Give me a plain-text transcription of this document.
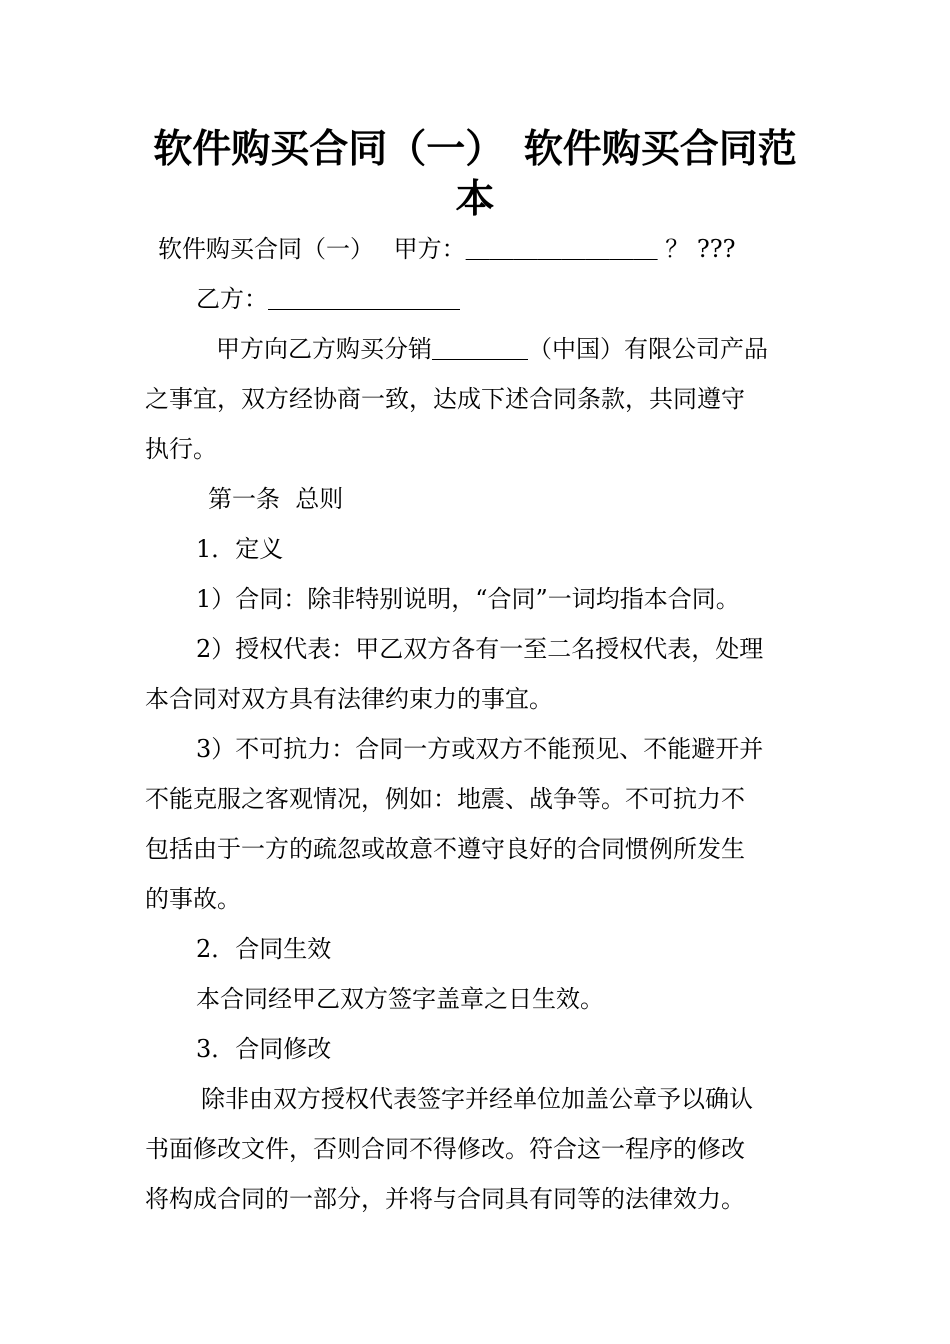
软件购买合同（一）　软件购买合同范
本

软件购买合同（一）　 甲方：＿＿＿＿＿＿＿＿ ？ ???

乙方：＿＿＿＿＿＿＿＿

甲方向乙方购买分销＿＿＿＿（中国）有限公司产品

之事宜，双方经协商一致，达成下述合同条款，共同遵守

执行。

第一条  总则

1．定义

1）合同：除非特别说明，“合同”一词均指本合同。

2）授权代表：甲乙双方各有一至二名授权代表，处理

本合同对双方具有法律约束力的事宜。

3）不可抗力：合同一方或双方不能预见、不能避开并

不能克服之客观情况，例如：地震、战争等。不可抗力不

包括由于一方的疏忽或故意不遵守良好的合同惯例所发生

的事故。

2．合同生效

本合同经甲乙双方签字盖章之日生效。

3．合同修改

除非由双方授权代表签字并经单位加盖公章予以确认

书面修改文件，否则合同不得修改。符合这一程序的修改

将构成合同的一部分，并将与合同具有同等的法律效力。
